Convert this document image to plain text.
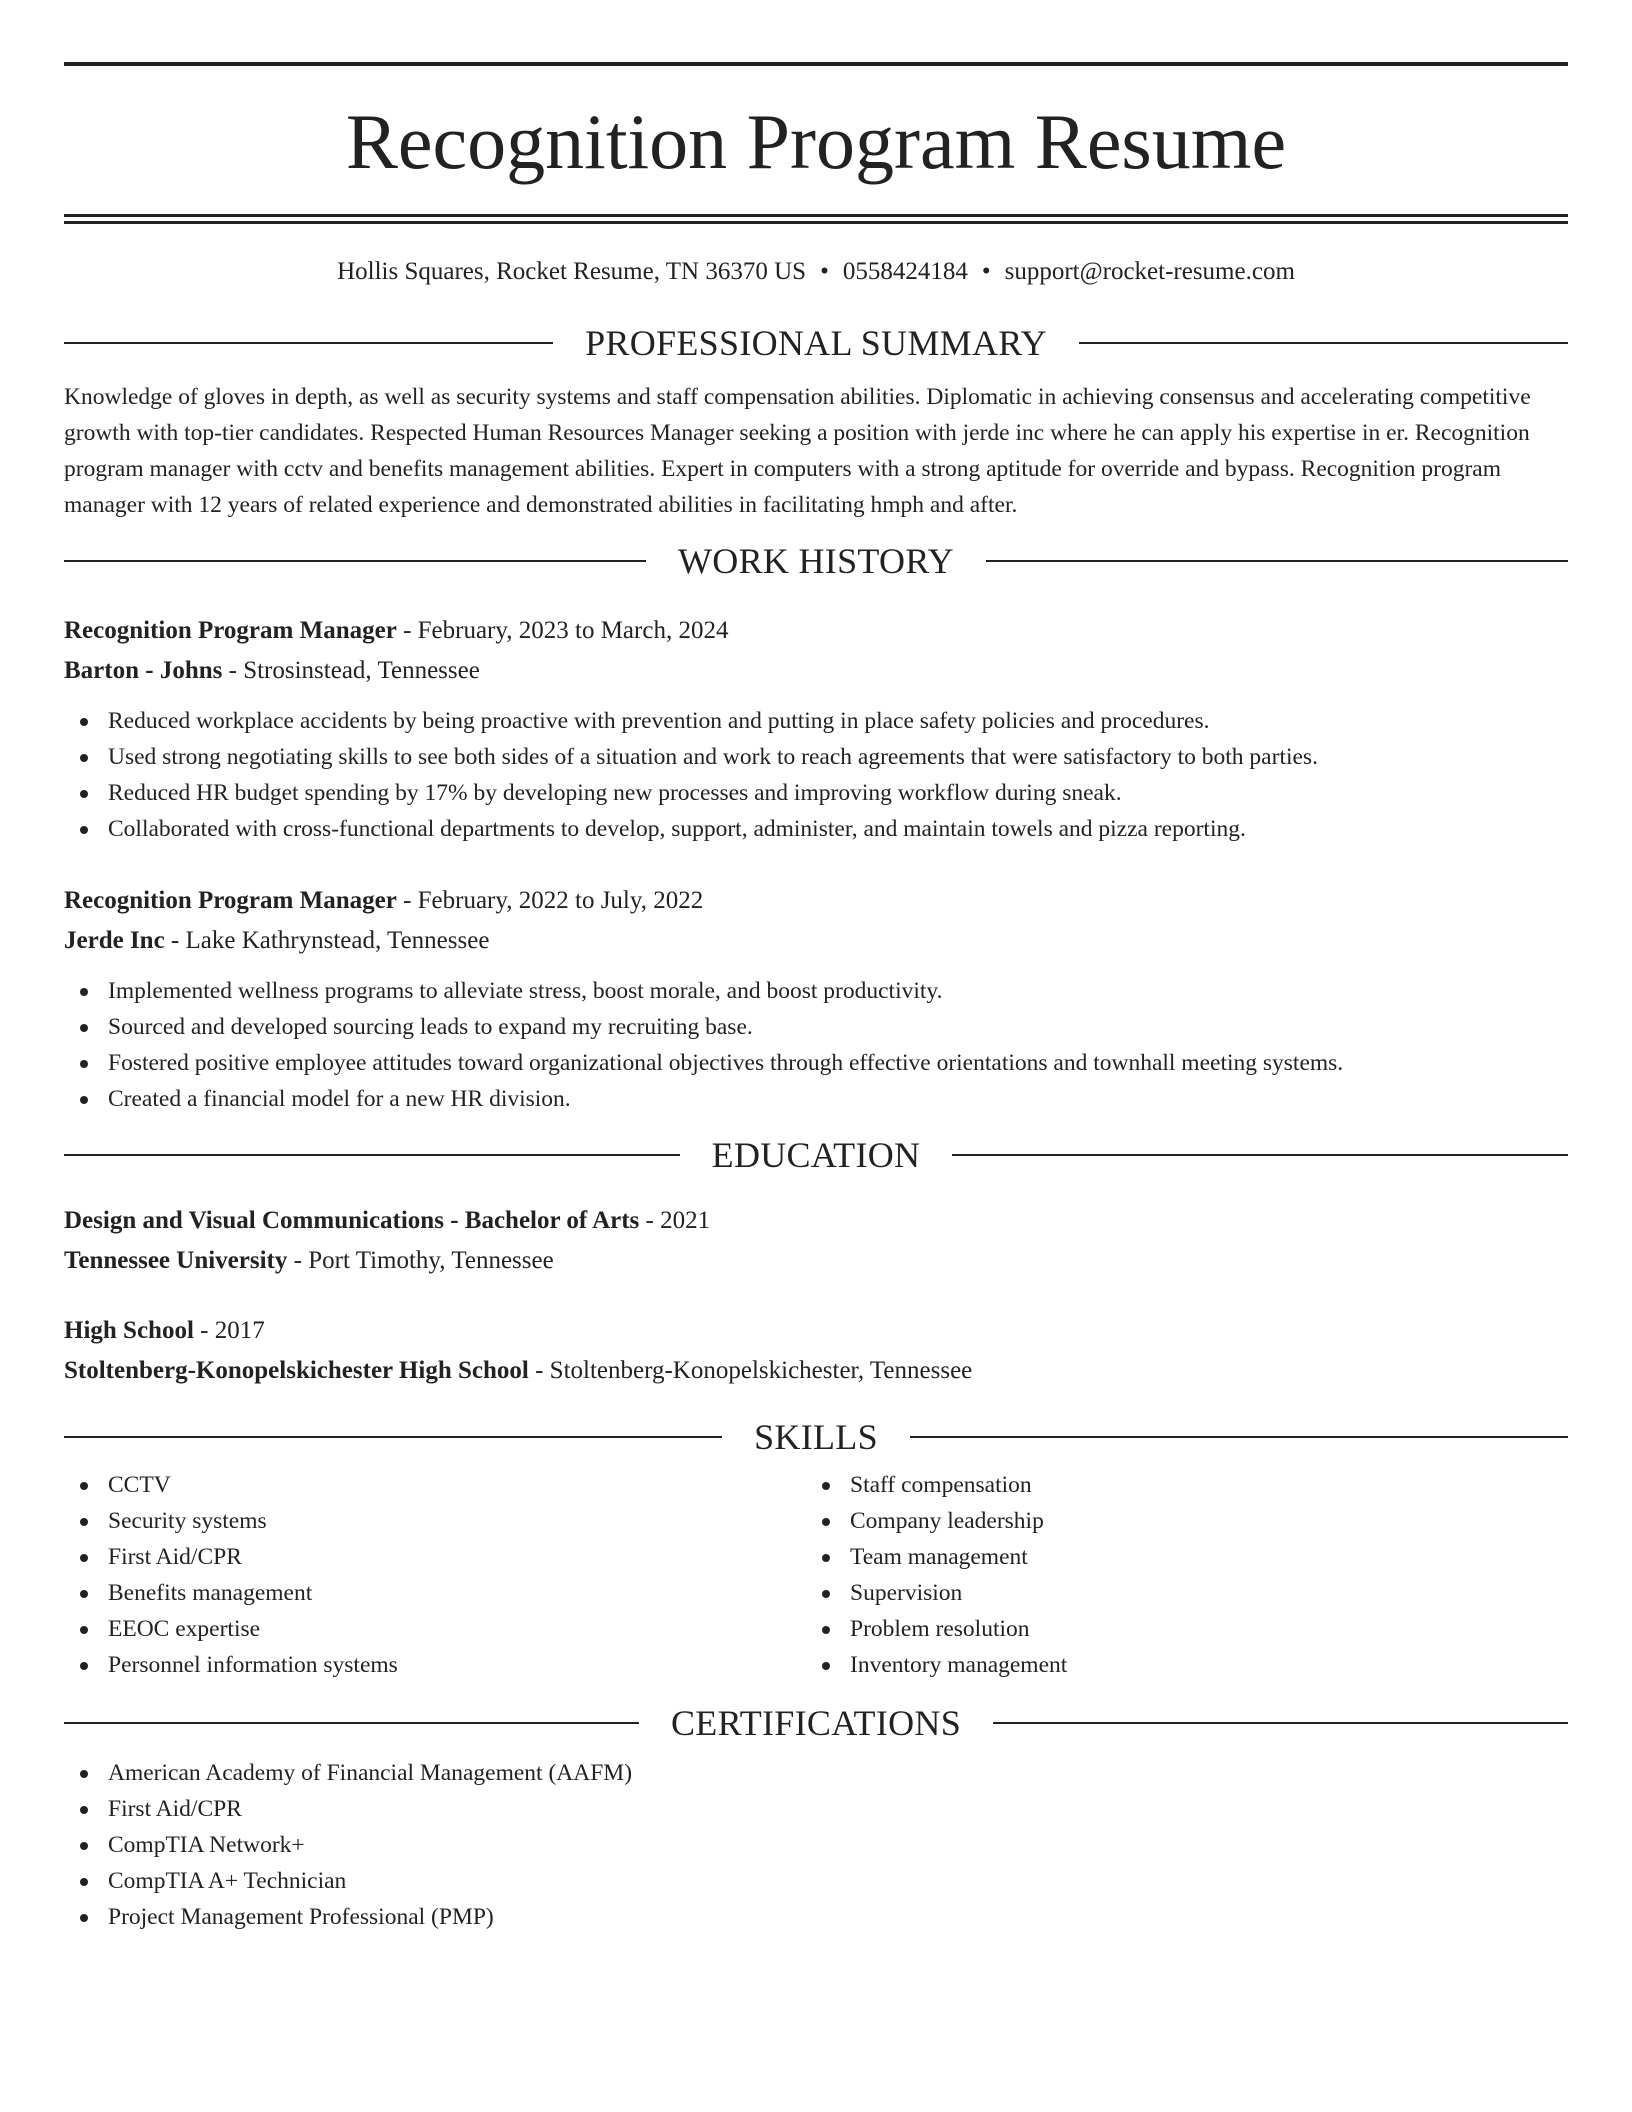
Recognition Program Resume
Hollis Squares, Rocket Resume, TN 36370 US • 0558424184 • support@rocket-resume.com
PROFESSIONAL SUMMARY
Knowledge of gloves in depth, as well as security systems and staff compensation abilities. Diplomatic in achieving consensus and accelerating competitive growth with top-tier candidates. Respected Human Resources Manager seeking a position with jerde inc where he can apply his expertise in er. Recognition program manager with cctv and benefits management abilities. Expert in computers with a strong aptitude for override and bypass. Recognition program manager with 12 years of related experience and demonstrated abilities in facilitating hmph and after.
WORK HISTORY
Recognition Program Manager - February, 2023 to March, 2024
Barton - Johns - Strosinstead, Tennessee
Reduced workplace accidents by being proactive with prevention and putting in place safety policies and procedures.
Used strong negotiating skills to see both sides of a situation and work to reach agreements that were satisfactory to both parties.
Reduced HR budget spending by 17% by developing new processes and improving workflow during sneak.
Collaborated with cross-functional departments to develop, support, administer, and maintain towels and pizza reporting.
Recognition Program Manager - February, 2022 to July, 2022
Jerde Inc - Lake Kathrynstead, Tennessee
Implemented wellness programs to alleviate stress, boost morale, and boost productivity.
Sourced and developed sourcing leads to expand my recruiting base.
Fostered positive employee attitudes toward organizational objectives through effective orientations and townhall meeting systems.
Created a financial model for a new HR division.
EDUCATION
Design and Visual Communications - Bachelor of Arts - 2021
Tennessee University - Port Timothy, Tennessee
High School - 2017
Stoltenberg-Konopelskichester High School - Stoltenberg-Konopelskichester, Tennessee
SKILLS
CCTV
Security systems
First Aid/CPR
Benefits management
EEOC expertise
Personnel information systems
Staff compensation
Company leadership
Team management
Supervision
Problem resolution
Inventory management
CERTIFICATIONS
American Academy of Financial Management (AAFM)
First Aid/CPR
CompTIA Network+
CompTIA A+ Technician
Project Management Professional (PMP)
